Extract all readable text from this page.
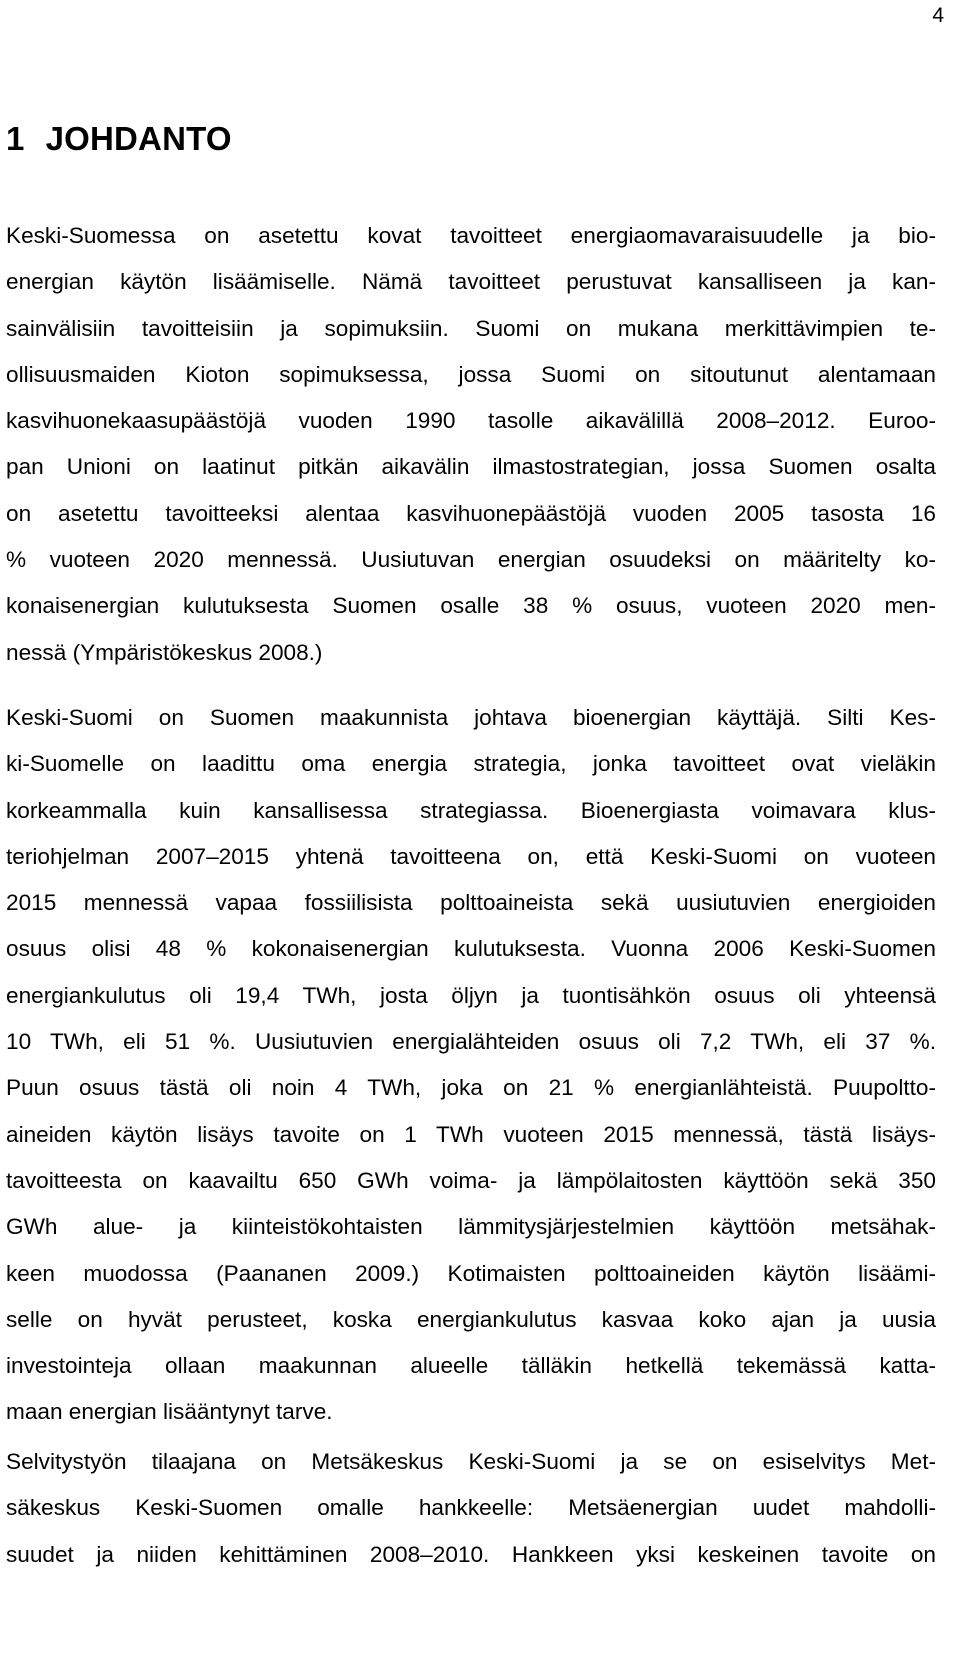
4
1 JOHDANTO
Keski-Suomessa on asetettu kovat tavoitteet energiaomavaraisuudelle ja bio-
energian käytön lisäämiselle. Nämä tavoitteet perustuvat kansalliseen ja kan-
sainvälisiin tavoitteisiin ja sopimuksiin. Suomi on mukana merkittävimpien te-
ollisuusmaiden Kioton sopimuksessa, jossa Suomi on sitoutunut alentamaan
kasvihuonekaasupäästöjä vuoden 1990 tasolle aikavälillä 2008–2012. Euroo-
pan Unioni on laatinut pitkän aikavälin ilmastostrategian, jossa Suomen osalta
on asetettu tavoitteeksi alentaa kasvihuonepäästöjä vuoden 2005 tasosta 16
% vuoteen 2020 mennessä. Uusiutuvan energian osuudeksi on määritelty ko-
konaisenergian kulutuksesta Suomen osalle 38 % osuus, vuoteen 2020 men-
nessä (Ympäristökeskus 2008.)
Keski-Suomi on Suomen maakunnista johtava bioenergian käyttäjä. Silti Kes-
ki-Suomelle on laadittu oma energia strategia, jonka tavoitteet ovat vieläkin
korkeammalla kuin kansallisessa strategiassa. Bioenergiasta voimavara klus-
teriohjelman 2007–2015 yhtenä tavoitteena on, että Keski-Suomi on vuoteen
2015 mennessä vapaa fossiilisista polttoaineista sekä uusiutuvien energioiden
osuus olisi 48 % kokonaisenergian kulutuksesta. Vuonna 2006 Keski-Suomen
energiankulutus oli 19,4 TWh, josta öljyn ja tuontisähkön osuus oli yhteensä
10 TWh, eli 51 %. Uusiutuvien energialähteiden osuus oli 7,2 TWh, eli 37 %.
Puun osuus tästä oli noin 4 TWh, joka on 21 % energianlähteistä. Puupoltto-
aineiden käytön lisäys tavoite on 1 TWh vuoteen 2015 mennessä, tästä lisäys-
tavoitteesta on kaavailtu 650 GWh voima- ja lämpölaitosten käyttöön sekä 350
GWh alue- ja kiinteistökohtaisten lämmitysjärjestelmien käyttöön metsähak-
keen muodossa (Paananen 2009.) Kotimaisten polttoaineiden käytön lisäämi-
selle on hyvät perusteet, koska energiankulutus kasvaa koko ajan ja uusia
investointeja ollaan maakunnan alueelle tälläkin hetkellä tekemässä katta-
maan energian lisääntynyt tarve.
Selvitystyön tilaajana on Metsäkeskus Keski-Suomi ja se on esiselvitys Met-
säkeskus Keski-Suomen omalle hankkeelle: Metsäenergian uudet mahdolli-
suudet ja niiden kehittäminen 2008–2010. Hankkeen yksi keskeinen tavoite on
